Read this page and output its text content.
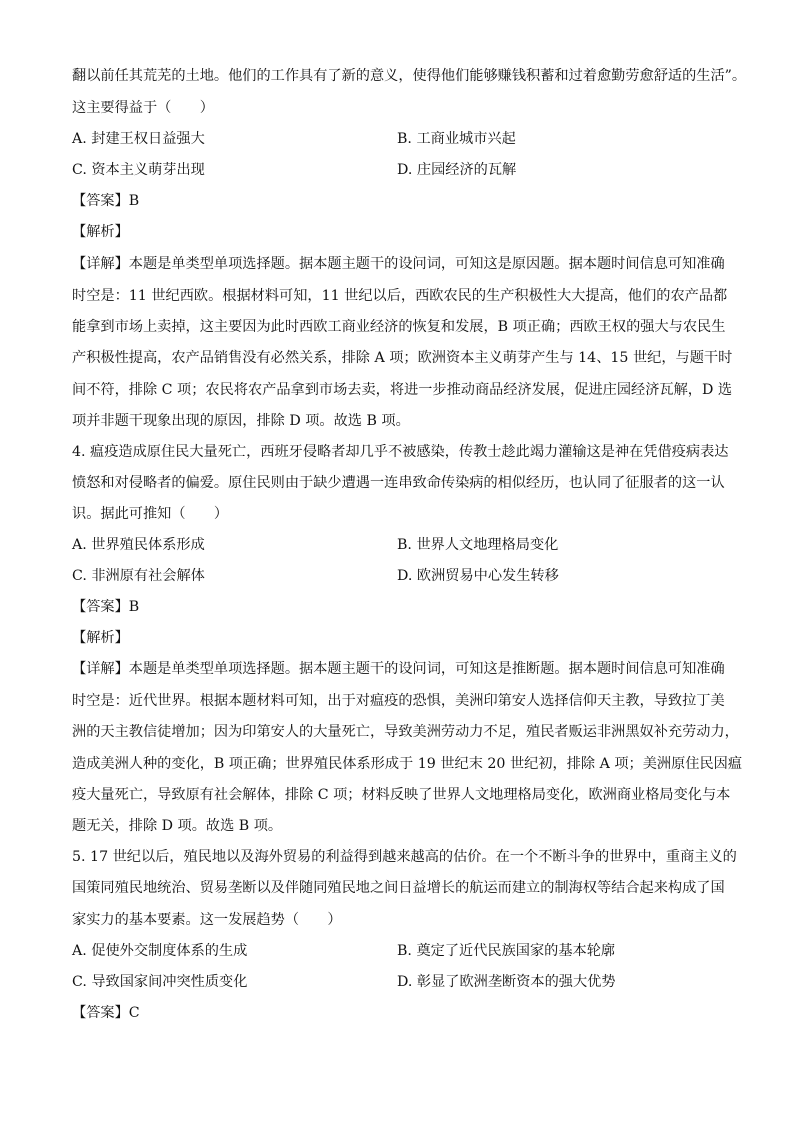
翻以前任其荒芜的土地。他们的工作具有了新的意义，使得他们能够赚钱积蓄和过着愈勤劳愈舒适的生活”。
这主要得益于（　　）
A. 封建王权日益强大	B. 工商业城市兴起
C. 资本主义萌芽出现	D. 庄园经济的瓦解
【答案】B
【解析】
【详解】本题是单类型单项选择题。据本题主题干的设问词，可知这是原因题。据本题时间信息可知准确
时空是：11 世纪西欧。根据材料可知，11 世纪以后，西欧农民的生产积极性大大提高，他们的农产品都
能拿到市场上卖掉，这主要因为此时西欧工商业经济的恢复和发展，B 项正确；西欧王权的强大与农民生
产积极性提高，农产品销售没有必然关系，排除 A 项；欧洲资本主义萌芽产生与 14、15 世纪，与题干时
间不符，排除 C 项；农民将农产品拿到市场去卖，将进一步推动商品经济发展，促进庄园经济瓦解，D 选
项并非题干现象出现的原因，排除 D 项。故选 B 项。
4. 瘟疫造成原住民大量死亡，西班牙侵略者却几乎不被感染，传教士趁此竭力灌输这是神在凭借疫病表达
愤怒和对侵略者的偏爱。原住民则由于缺少遭遇一连串致命传染病的相似经历，也认同了征服者的这一认
识。据此可推知（　　）
A. 世界殖民体系形成	B. 世界人文地理格局变化
C. 非洲原有社会解体	D. 欧洲贸易中心发生转移
【答案】B
【解析】
【详解】本题是单类型单项选择题。据本题主题干的设问词，可知这是推断题。据本题时间信息可知准确
时空是：近代世界。根据本题材料可知，出于对瘟疫的恐惧，美洲印第安人选择信仰天主教，导致拉丁美
洲的天主教信徒增加；因为印第安人的大量死亡，导致美洲劳动力不足，殖民者贩运非洲黑奴补充劳动力，
造成美洲人种的变化，B 项正确；世界殖民体系形成于 19 世纪末 20 世纪初，排除 A 项；美洲原住民因瘟
疫大量死亡，导致原有社会解体，排除 C 项；材料反映了世界人文地理格局变化，欧洲商业格局变化与本
题无关，排除 D 项。故选 B 项。
5. 17 世纪以后，殖民地以及海外贸易的利益得到越来越高的估价。在一个不断斗争的世界中，重商主义的
国策同殖民地统治、贸易垄断以及伴随同殖民地之间日益增长的航运而建立的制海权等结合起来构成了国
家实力的基本要素。这一发展趋势（　　）
A. 促使外交制度体系的生成	B. 奠定了近代民族国家的基本轮廓
C. 导致国家间冲突性质变化	D. 彰显了欧洲垄断资本的强大优势
【答案】C
